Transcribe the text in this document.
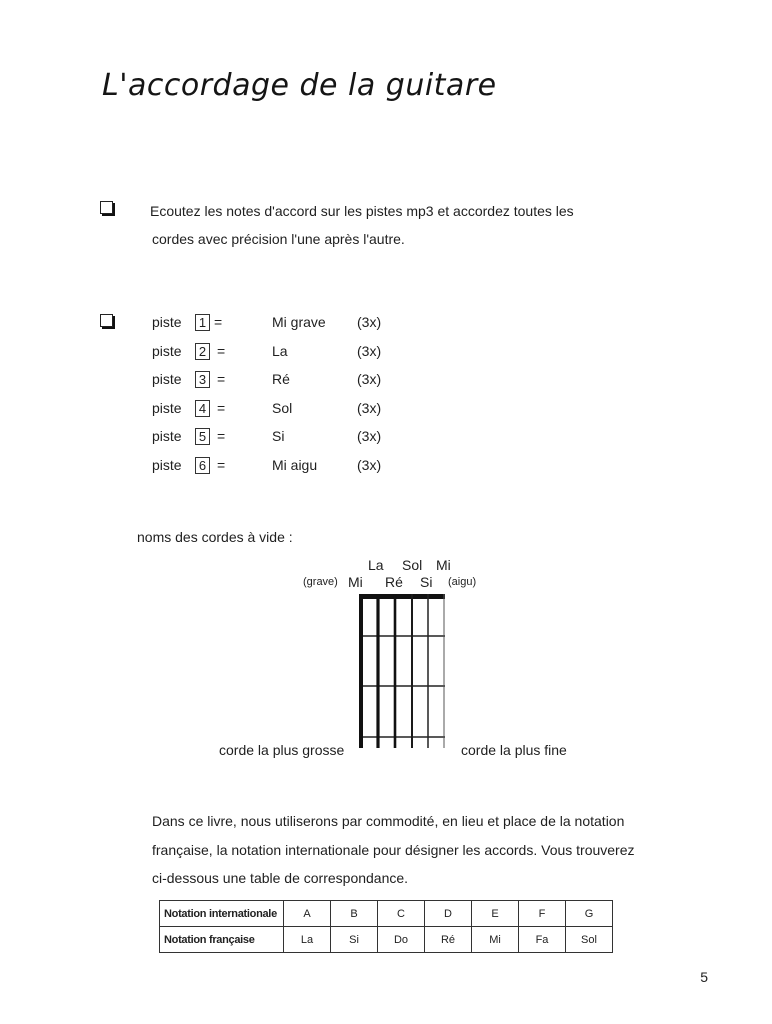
L'accordage de la guitare
Ecoutez les notes d'accord sur les pistes mp3 et accordez toutes les
cordes avec précision l'une après l'autre.
piste 1 =	Mi grave (3x)
piste 2 =	La	(3x)
piste 3 =	Ré	(3x)
piste 4 =	Sol	(3x)
piste 5 =	Si	(3x)
piste 6 =	Mi aigu	(3x)
noms des cordes à vide :
La Sol Mi
(grave) Mi Ré Si (aigu)
corde la plus grosse	corde la plus fine
Dans ce livre, nous utiliserons par commodité, en lieu et place de la notation
française, la notation internationale pour désigner les accords. Vous trouverez
ci-dessous une table de correspondance.
Notation internationale	A	B	C	D	E	F	G
Notation française	La	Si	Do	Ré	Mi	Fa	Sol
5
